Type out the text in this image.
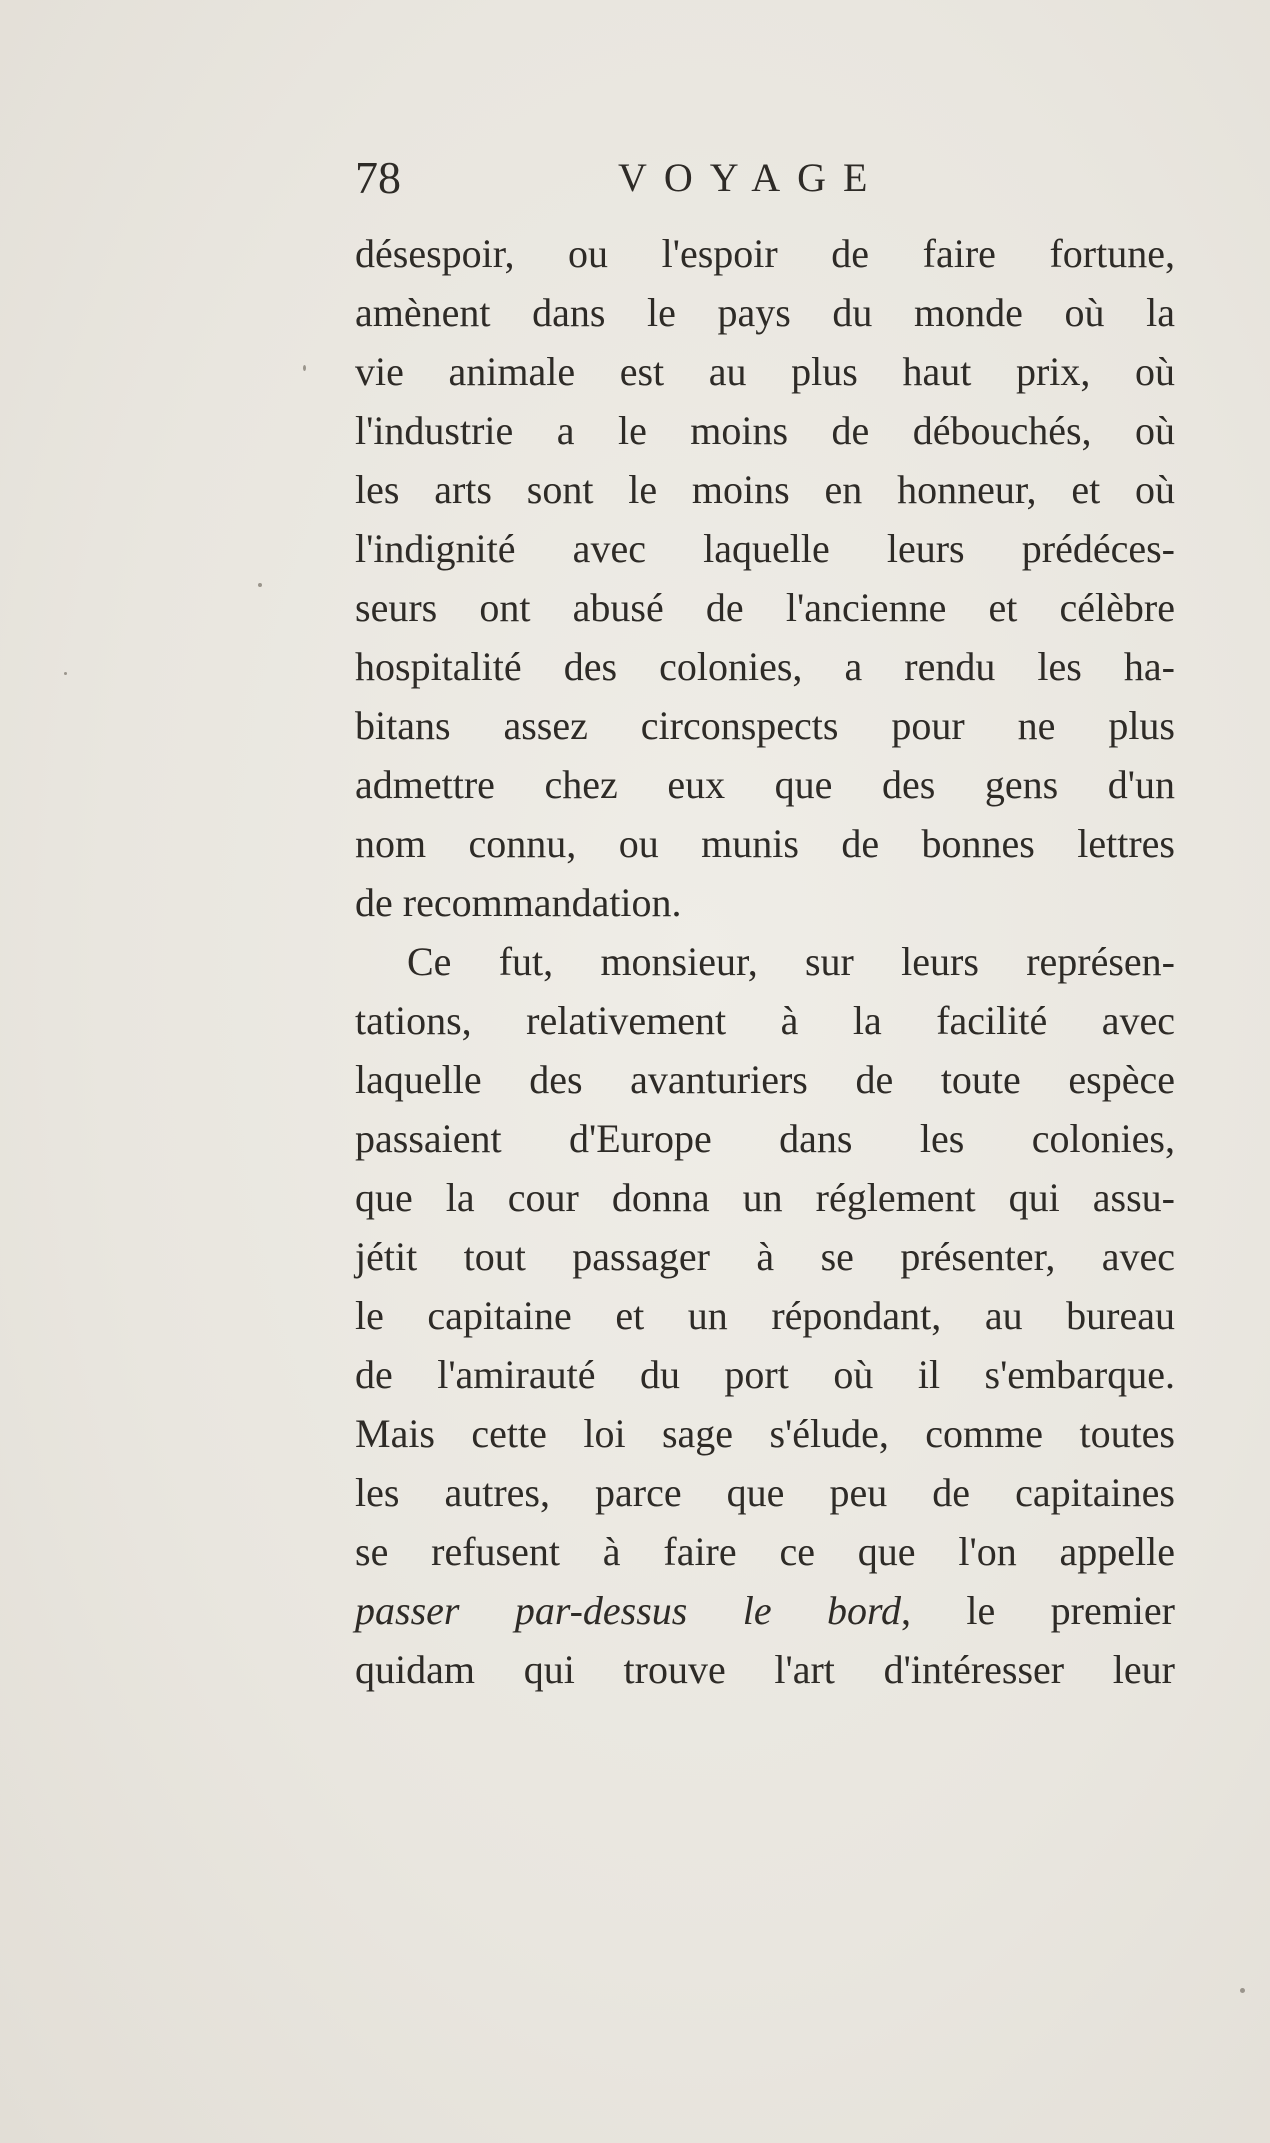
78	VOYAGE
désespoir, ou l'espoir de faire fortune,
amènent dans le pays du monde où la
vie animale est au plus haut prix, où
l'industrie a le moins de débouchés, où
les arts sont le moins en honneur, et où
l'indignité avec laquelle leurs prédéces-
seurs ont abusé de l'ancienne et célèbre
hospitalité des colonies, a rendu les ha-
bitans assez circonspects pour ne plus
admettre chez eux que des gens d'un
nom connu, ou munis de bonnes lettres
de recommandation.
Ce fut, monsieur, sur leurs représen-
tations, relativement à la facilité avec
laquelle des avanturiers de toute espèce
passaient d'Europe dans les colonies,
que la cour donna un réglement qui assu-
jétit tout passager à se présenter, avec
le capitaine et un répondant, au bureau
de l'amirauté du port où il s'embarque.
Mais cette loi sage s'élude, comme toutes
les autres, parce que peu de capitaines
se refusent à faire ce que l'on appelle
passer par-dessus le bord, le premier
quidam qui trouve l'art d'intéresser leur
